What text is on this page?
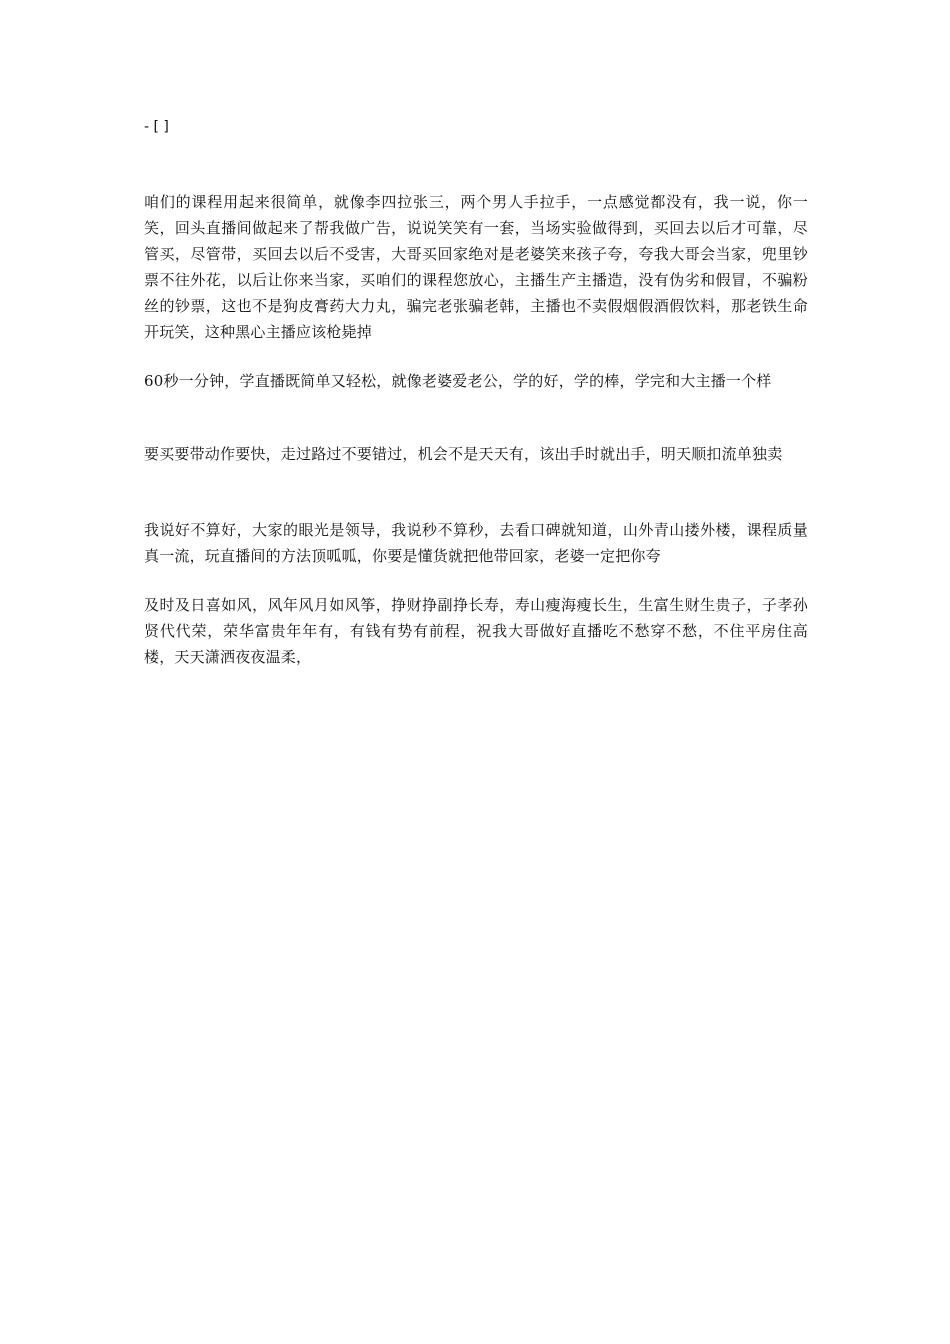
- [ ]

咱们的课程用起来很简单，就像李四拉张三，两个男人手拉手，一点感觉都没有，我一说，你一笑，回头直播间做起来了帮我做广告，说说笑笑有一套，当场实验做得到，买回去以后才可靠，尽管买，尽管带，买回去以后不受害，大哥买回家绝对是老婆笑来孩子夸，夸我大哥会当家，兜里钞票不往外花，以后让你来当家，买咱们的课程您放心，主播生产主播造，没有伪劣和假冒，不骗粉丝的钞票，这也不是狗皮膏药大力丸，骗完老张骗老韩，主播也不卖假烟假酒假饮料，那老铁生命开玩笑，这种黑心主播应该枪毙掉

60秒一分钟，学直播既简单又轻松，就像老婆爱老公，学的好，学的棒，学完和大主播一个样

要买要带动作要快，走过路过不要错过，机会不是天天有，该出手时就出手，明天顺扣流单独卖

我说好不算好，大家的眼光是领导，我说秒不算秒，去看口碑就知道，山外青山搂外楼，课程质量真一流，玩直播间的方法顶呱呱，你要是懂货就把他带回家，老婆一定把你夸

及时及日喜如风，风年风月如风筝，挣财挣副挣长寿，寿山瘦海瘦长生，生富生财生贵子，子孝孙贤代代荣，荣华富贵年年有，有钱有势有前程，祝我大哥做好直播吃不愁穿不愁，不住平房住高楼，天天潇洒夜夜温柔，
